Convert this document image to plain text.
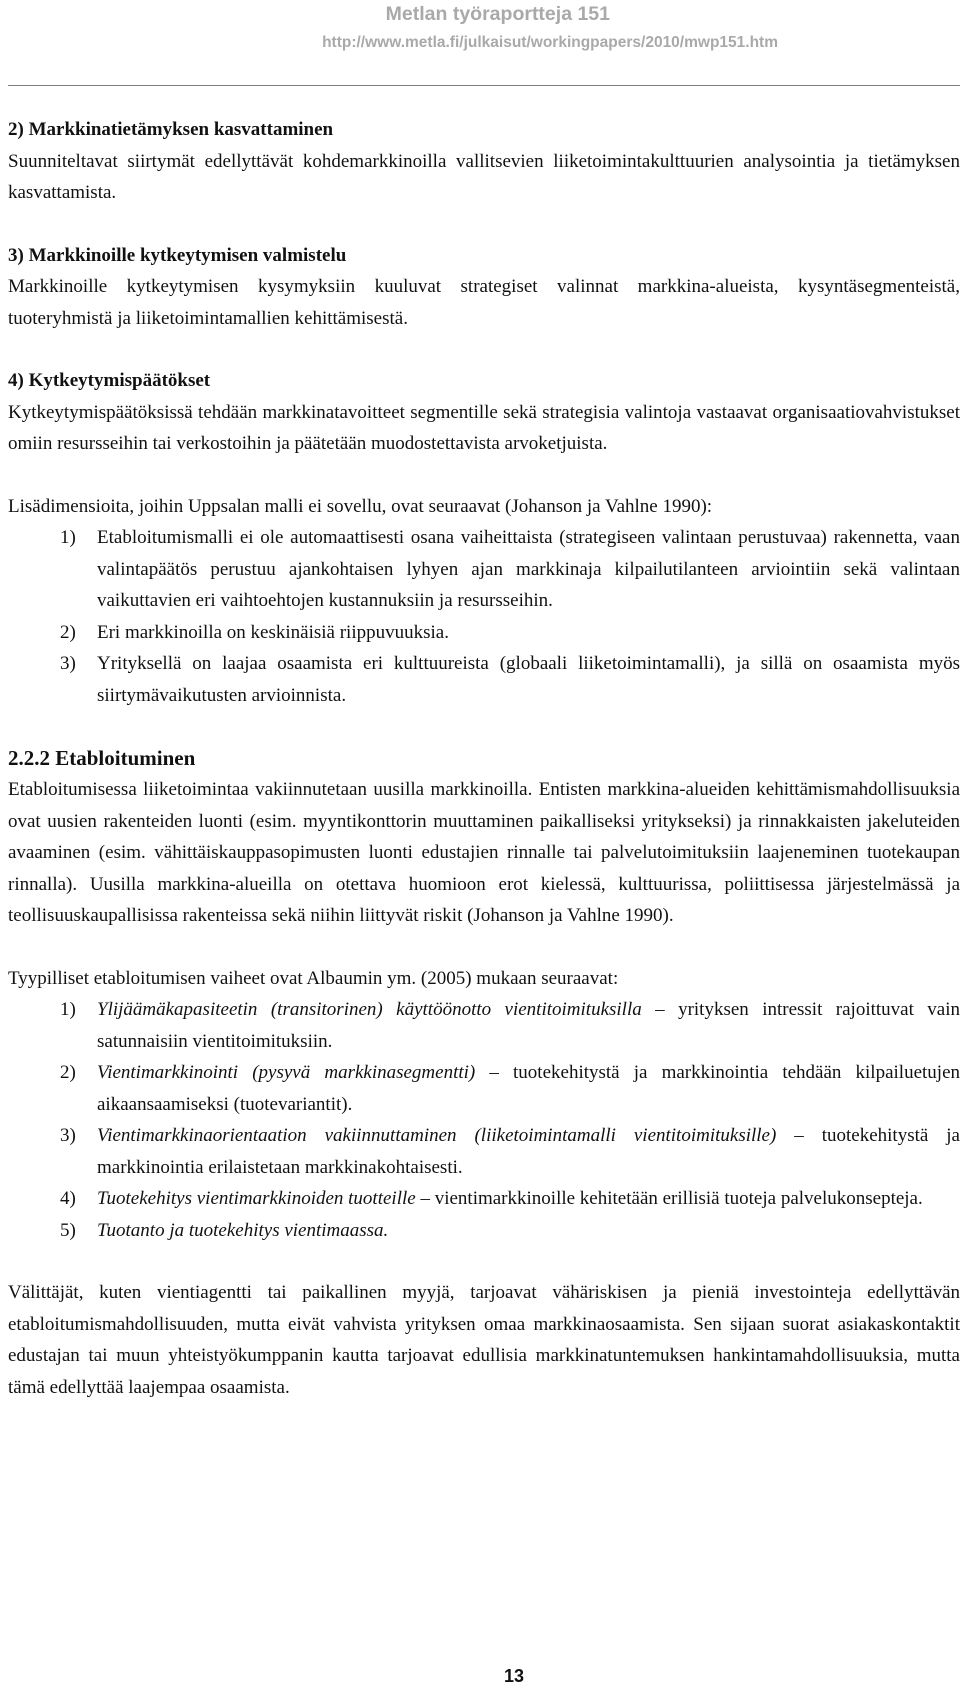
Metlan työraportteja 151
http://www.metla.fi/julkaisut/workingpapers/2010/mwp151.htm

2) Markkinatietämyksen kasvattaminen

Suunniteltavat siirtymät edellyttävät kohdemarkkinoilla vallitsevien liiketoimintakulttuurien analysointia ja tietämyksen kasvattamista.

3) Markkinoille kytkeytymisen valmistelu

Markkinoille kytkeytymisen kysymyksiin kuuluvat strategiset valinnat markkina-alueista, kysyntäsegmenteistä, tuoteryhmistä ja liiketoimintamallien kehittämisestä.

4) Kytkeytymispäätökset

Kytkeytymispäätöksissä tehdään markkinatavoitteet segmentille sekä strategisia valintoja vastaavat organisaatiovahvistukset omiin resursseihin tai verkostoihin ja päätetään muodostettavista arvoketjuista.

Lisädimensioita, joihin Uppsalan malli ei sovellu, ovat seuraavat (Johanson ja Vahlne 1990):

1) Etabloitumismalli ei ole automaattisesti osana vaiheittaista (strategiseen valintaan perustuvaa) rakennetta, vaan valintapäätös perustuu ajankohtaisen lyhyen ajan markkinaja kilpailutilanteen arviointiin sekä valintaan vaikuttavien eri vaihtoehtojen kustannuksiin ja resursseihin.
2) Eri markkinoilla on keskinäisiä riippuvuuksia.
3) Yrityksellä on laajaa osaamista eri kulttuureista (globaali liiketoimintamalli), ja sillä on osaamista myös siirtymävaikutusten arvioinnista.

2.2.2 Etabloituminen

Etabloitumisessa liiketoimintaa vakiinnutetaan uusilla markkinoilla. Entisten markkina-alueiden kehittämismahdollisuuksia ovat uusien rakenteiden luonti (esim. myyntikonttorin muuttaminen paikalliseksi yritykseksi) ja rinnakkaisten jakeluteiden avaaminen (esim. vähittäiskauppasopimusten luonti edustajien rinnalle tai palvelutoimituksiin laajeneminen tuotekaupan rinnalla). Uusilla markkina-alueilla on otettava huomioon erot kielessä, kulttuurissa, poliittisessa järjestelmässä ja teollisuuskaupallisissa rakenteissa sekä niihin liittyvät riskit (Johanson ja Vahlne 1990).

Tyypilliset etabloitumisen vaiheet ovat Albaumin ym. (2005) mukaan seuraavat:

1) Ylijäämäkapasiteetin (transitorinen) käyttöönotto vientitoimituksilla – yrityksen intressit rajoittuvat vain satunnaisiin vientitoimituksiin.
2) Vientimarkkinointi (pysyvä markkinasegmentti) – tuotekehitystä ja markkinointia tehdään kilpailuetujen aikaansaamiseksi (tuotevariantit).
3) Vientimarkkinaorientaation vakiinnuttaminen (liiketoimintamalli vientitoimituksille) – tuotekehitystä ja markkinointia erilaistetaan markkinakohtaisesti.
4) Tuotekehitys vientimarkkinoiden tuotteille – vientimarkkinoille kehitetään erillisiä tuoteja palvelukonsepteja.
5) Tuotanto ja tuotekehitys vientimaassa.

Välittäjät, kuten vientiagentti tai paikallinen myyjä, tarjoavat vähäriskisen ja pieniä investointeja edellyttävän etabloitumismahdollisuuden, mutta eivät vahvista yrityksen omaa markkinaosaamista. Sen sijaan suorat asiakaskontaktit edustajan tai muun yhteistyökumppanin kautta tarjoavat edullisia markkinatuntemuksen hankintamahdollisuuksia, mutta tämä edellyttää laajempaa osaamista.

13
